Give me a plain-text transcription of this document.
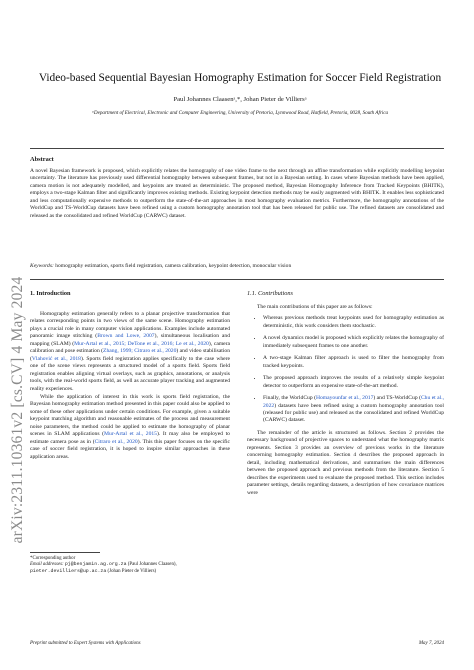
arXiv:2311.10361v2 [cs.CV] 4 May 2024
Video-based Sequential Bayesian Homography Estimation for Soccer Field Registration
Paul Johannes Claasenᵃ,*, Johan Pieter de Villiersᵃ
ᵃDepartment of Electrical, Electronic and Computer Engineering, University of Pretoria, Lynnwood Road, Hatfield, Pretoria, 0028, South Africa
Abstract
A novel Bayesian framework is proposed, which explicitly relates the homography of one video frame to the next through an affine transformation while explicitly modelling keypoint uncertainty. The literature has previously used differential homography between subsequent frames, but not in a Bayesian setting. In cases where Bayesian methods have been applied, camera motion is not adequately modelled, and keypoints are treated as deterministic. The proposed method, Bayesian Homography Inference from Tracked Keypoints (BHITK), employs a two-stage Kalman filter and significantly improves existing methods. Existing keypoint detection methods may be easily augmented with BHITK. It enables less sophisticated and less computationally expensive methods to outperform the state-of-the-art approaches in most homography evaluation metrics. Furthermore, the homography annotations of the WorldCup and TS-WorldCup datasets have been refined using a custom homography annotation tool that has been released for public use. The refined datasets are consolidated and released as the consolidated and refined WorldCup (CARWC) dataset.
Keywords: homography estimation, sports field registration, camera calibration, keypoint detection, monocular vision
1. Introduction

Homography estimation generally refers to a planar projective transformation that relates corresponding points in two views of the same scene. Homography estimation plays a crucial role in many computer vision applications. Examples include automated panoramic image stitching (Brown and Lowe, 2007), simultaneous localisation and mapping (SLAM) (Mur-Artal et al., 2015; DeTone et al., 2016; Le et al., 2020), camera calibration and pose estimation (Zhang, 1999; Citraro et al., 2020) and video stabilisation (Vlahović et al., 2018). Sports field registration applies specifically to the case where one of the scene views represents a structured model of a sports field. Sports field registration enables aligning virtual overlays, such as graphics, annotations, or analysis tools, with the real-world sports field, as well as accurate player tracking and augmented reality experiences.

While the application of interest in this work is sports field registration, the Bayesian homography estimation method presented in this paper could also be applied to some of these other applications under certain conditions. For example, given a suitable keypoint matching algorithm and reasonable estimates of the process and measurement noise parameters, the method could be applied to estimate the homography of planar scenes in SLAM applications (Mur-Artal et al., 2015). It may also be employed to estimate camera pose as in (Citraro et al., 2020). This this paper focuses on the specific case of soccer field registration, it is hoped to inspire similar approaches in these application areas.

*Corresponding author
Email addresses: pj@benjamin.ag.org.za (Paul Johannes Claasen), pieter.devilliers@up.ac.za (Johan Pieter de Villiers)
1.1. Contributions

The main contributions of this paper are as follows:

• Whereas previous methods treat keypoints used for homography estimation as deterministic, this work considers them stochastic.
• A novel dynamics model is proposed which explicitly relates the homography of immediately subsequent frames to one another.
• A two-stage Kalman filter approach is used to filter the homography from tracked keypoints.
• The proposed approach improves the results of a relatively simple keypoint detector to outperform an expensive state-of-the-art method.
• Finally, the WorldCup (Homayounfar et al., 2017) and TS-WorldCup (Chu et al., 2022) datasets have been refined using a custom homography annotation tool (released for public use) and released as the consolidated and refined WorldCup (CARWC) dataset.

The remainder of the article is structured as follows. Section 2 provides the necessary background of projective spaces to understand what the homography matrix represents. Section 3 provides an overview of previous works in the literature concerning homography estimation. Section 4 describes the proposed approach in detail, including mathematical derivations, and summarises the main differences between the proposed approach and previous methods from the literature. Section 5 describes the experiments used to evaluate the proposed method. This section includes parameter settings, details regarding datasets, a description of how covariance matrices were

Preprint submitted to Expert Systems with Applications	May 7, 2024
